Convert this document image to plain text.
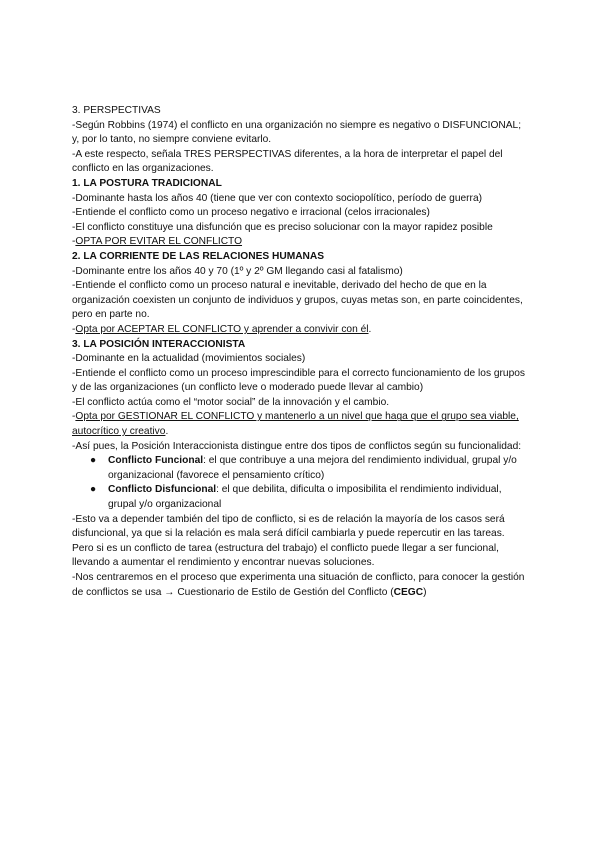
3. PERSPECTIVAS
-Según Robbins (1974) el conflicto en una organización no siempre es negativo o DISFUNCIONAL; y, por lo tanto, no siempre conviene evitarlo.
-A este respecto, señala TRES PERSPECTIVAS diferentes, a la hora de interpretar el papel del conflicto en las organizaciones.
1. LA POSTURA TRADICIONAL
-Dominante hasta los años 40 (tiene que ver con contexto sociopolítico, período de guerra)
-Entiende el conflicto como un proceso negativo e irracional (celos irracionales)
-El conflicto constituye una disfunción que es preciso solucionar con la mayor rapidez posible
-OPTA POR EVITAR EL CONFLICTO
2. LA CORRIENTE DE LAS RELACIONES HUMANAS
-Dominante entre los años 40 y 70 (1º y 2º GM llegando casi al fatalismo)
-Entiende el conflicto como un proceso natural e inevitable, derivado del hecho de que en la organización coexisten un conjunto de individuos y grupos, cuyas metas son, en parte coincidentes, pero en parte no.
-Opta por ACEPTAR EL CONFLICTO y aprender a convivir con él.
3. LA POSICIÓN INTERACCIONISTA
-Dominante en la actualidad (movimientos sociales)
-Entiende el conflicto como un proceso imprescindible para el correcto funcionamiento de los grupos y de las organizaciones (un conflicto leve o moderado puede llevar al cambio)
-El conflicto actúa como el “motor social” de la innovación y el cambio.
-Opta por GESTIONAR EL CONFLICTO y mantenerlo a un nivel que haga que el grupo sea viable, autocrítico y creativo.
-Así pues, la Posición Interaccionista distingue entre dos tipos de conflictos según su funcionalidad:
● Conflicto Funcional: el que contribuye a una mejora del rendimiento individual, grupal y/o organizacional (favorece el pensamiento crítico)
● Conflicto Disfuncional: el que debilita, dificulta o imposibilita el rendimiento individual, grupal y/o organizacional
-Esto va a depender también del tipo de conflicto, si es de relación la mayoría de los casos será disfuncional, ya que si la relación es mala será difícil cambiarla y puede repercutir en las tareas. Pero si es un conflicto de tarea (estructura del trabajo) el conflicto puede llegar a ser funcional, llevando a aumentar el rendimiento y encontrar nuevas soluciones.
-Nos centraremos en el proceso que experimenta una situación de conflicto, para conocer la gestión de conflictos se usa → Cuestionario de Estilo de Gestión del Conflicto (CEGC)
